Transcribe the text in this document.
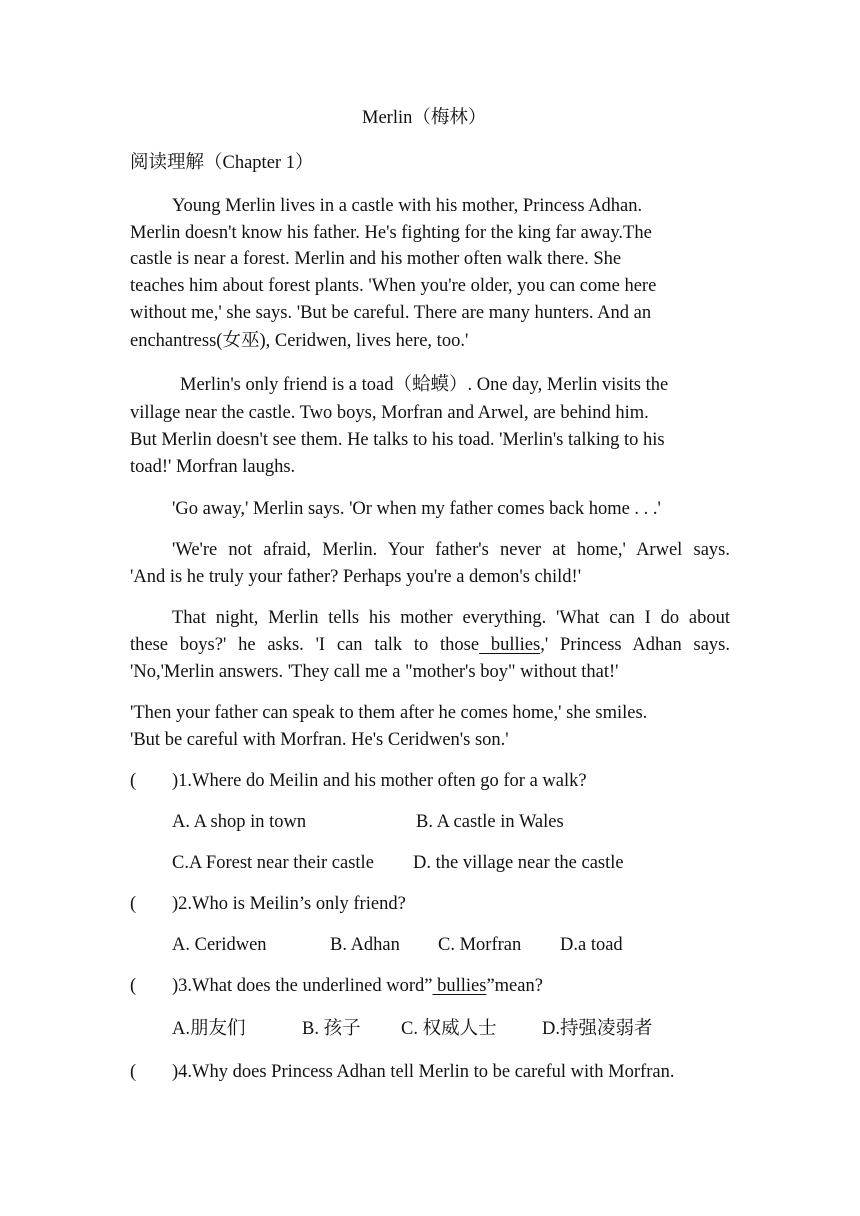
Merlin（梅林）
阅读理解（Chapter 1）
Young Merlin lives in a castle with his mother, Princess Adhan.
Merlin doesn't know his father. He's fighting for the king far away.The
castle is near a forest. Merlin and his mother often walk there. She
teaches him about forest plants. 'When you're older, you can come here
without me,' she says. 'But be careful. There are many hunters. And an
enchantress(女巫), Ceridwen, lives here, too.'
Merlin's only friend is a toad（蛤蟆）. One day, Merlin visits the
village near the castle. Two boys, Morfran and Arwel, are behind him.
But Merlin doesn't see them. He talks to his toad. 'Merlin's talking to his
toad!' Morfran laughs.
'Go away,' Merlin says. 'Or when my father comes back home . . .'
'We're not afraid, Merlin. Your father's never at home,' Arwel says.
'And is he truly your father? Perhaps you're a demon's child!'
That night, Merlin tells his mother everything. 'What can I do about
these boys?' he asks. 'I can talk to those bullies,' Princess Adhan says.
'No,'Merlin answers. 'They call me a "mother's boy" without that!'
'Then your father can speak to them after he comes home,' she smiles.
'But be careful with Morfran. He's Ceridwen's son.'
( )1.Where do Meilin and his mother often go for a walk?
A. A shop in town	B. A castle in Wales
C.A Forest near their castle D. the village near the castle
( )2.Who is Meilin’s only friend?
A. Ceridwen	B. Adhan C. Morfran D.a toad
( )3.What does the underlined word” bullies”mean?
A.朋友们	B. 孩子 C. 权威人士 D.持强凌弱者
( )4.Why does Princess Adhan tell Merlin to be careful with Morfran.
